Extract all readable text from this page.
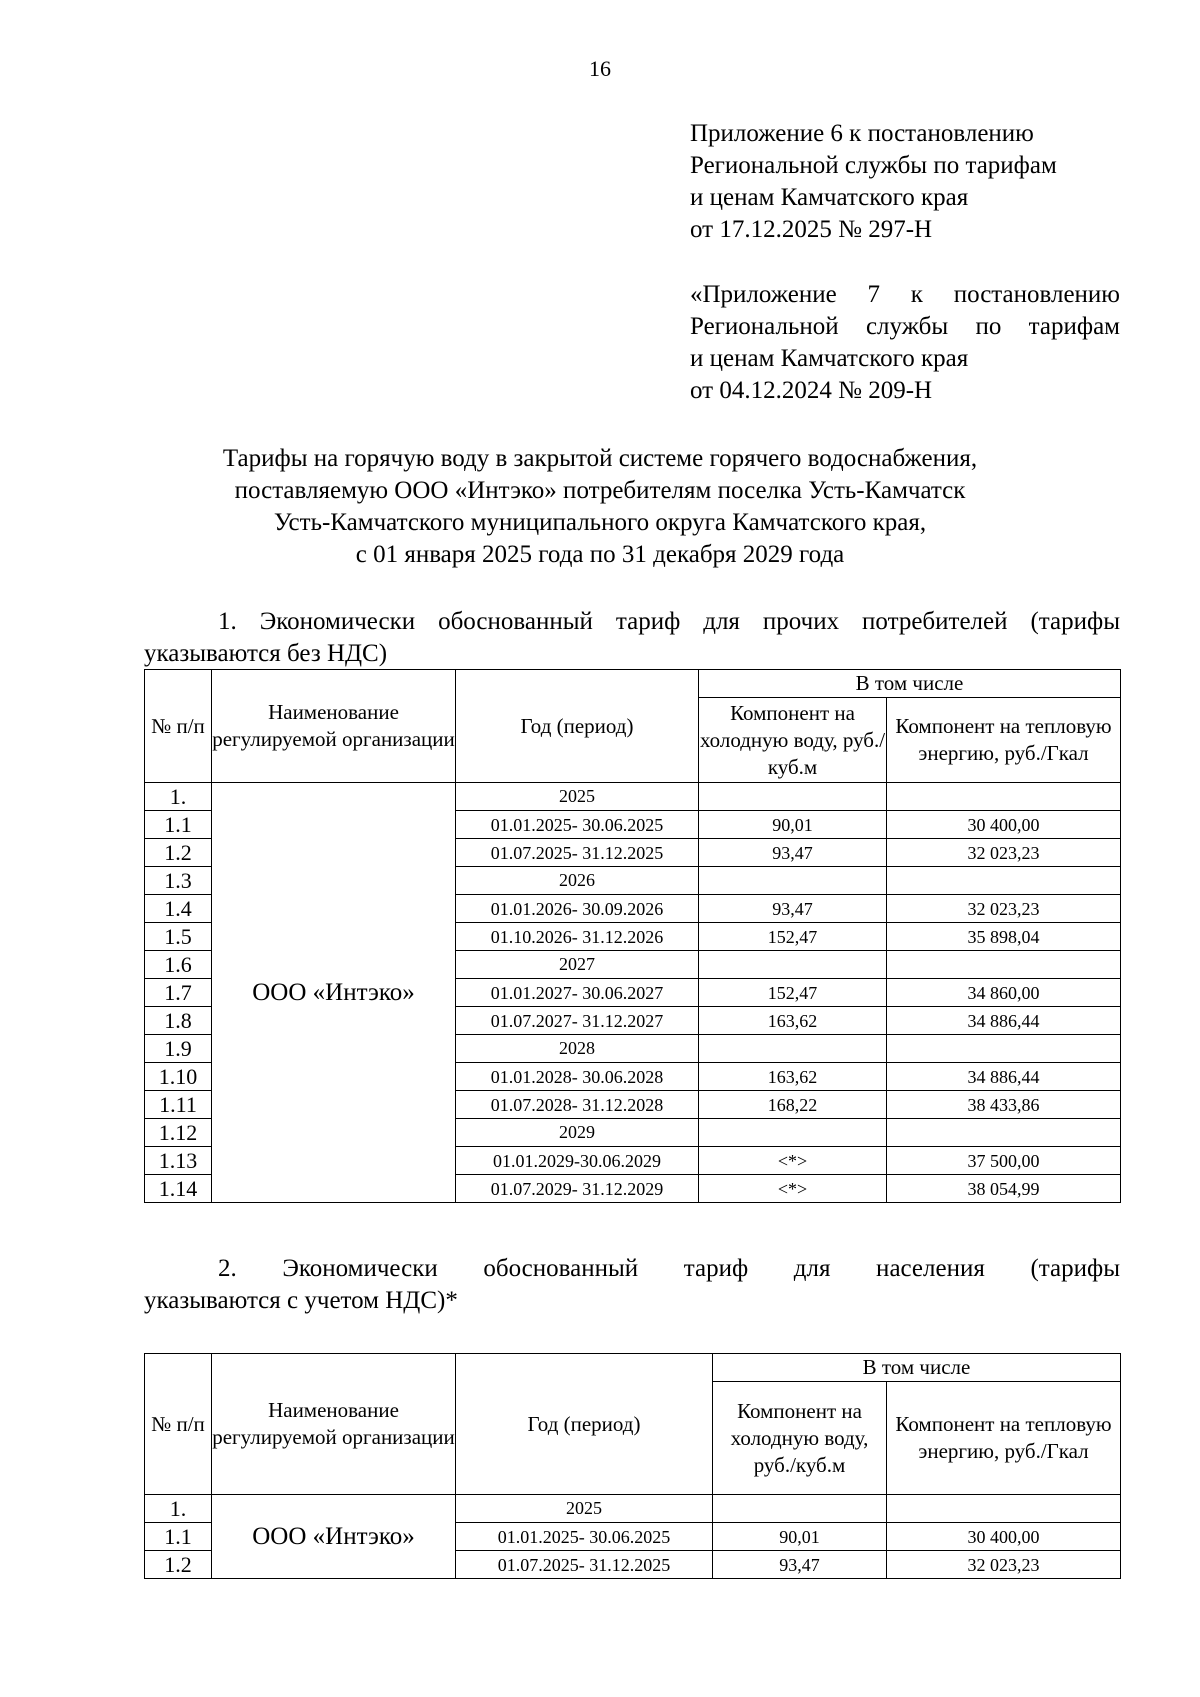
16
Приложение 6 к постановлению
Региональной службы по тарифам
и ценам Камчатского края
от 17.12.2025 № 297-Н
«Приложение 7 к постановлению
Региональной службы по тарифам
и ценам Камчатского края
от 04.12.2024 № 209-Н
Тарифы на горячую воду в закрытой системе горячего водоснабжения,
поставляемую ООО «Интэко» потребителям поселка Усть-Камчатск
Усть-Камчатского муниципального округа Камчатского края,
с 01 января 2025 года по 31 декабря 2029 года
1. Экономически обоснованный тариф для прочих потребителей (тарифы
указываются без НДС)
№ п/п	Наименование регулируемой организации	Год (период)	В том числе	
			Компонент на холодную воду, руб./куб.м	Компонент на тепловую энергию, руб./Гкал
1.	ООО «Интэко»	2025		
1.1		01.01.2025- 30.06.2025	90,01	30 400,00
1.2		01.07.2025- 31.12.2025	93,47	32 023,23
1.3		2026		
1.4		01.01.2026- 30.09.2026	93,47	32 023,23
1.5		01.10.2026- 31.12.2026	152,47	35 898,04
1.6		2027		
1.7		01.01.2027- 30.06.2027	152,47	34 860,00
1.8		01.07.2027- 31.12.2027	163,62	34 886,44
1.9		2028		
1.10		01.01.2028- 30.06.2028	163,62	34 886,44
1.11		01.07.2028- 31.12.2028	168,22	38 433,86
1.12		2029		
1.13		01.01.2029-30.06.2029	<*>	37 500,00
1.14		01.07.2029- 31.12.2029	<*>	38 054,99
2. Экономически обоснованный тариф для населения (тарифы
указываются с учетом НДС)*
№ п/п	Наименование регулируемой организации	Год (период)	В том числе	
			Компонент на холодную воду, руб./куб.м	Компонент на тепловую энергию, руб./Гкал
1.	ООО «Интэко»	2025		
1.1		01.01.2025- 30.06.2025	90,01	30 400,00
1.2		01.07.2025- 31.12.2025	93,47	32 023,23
